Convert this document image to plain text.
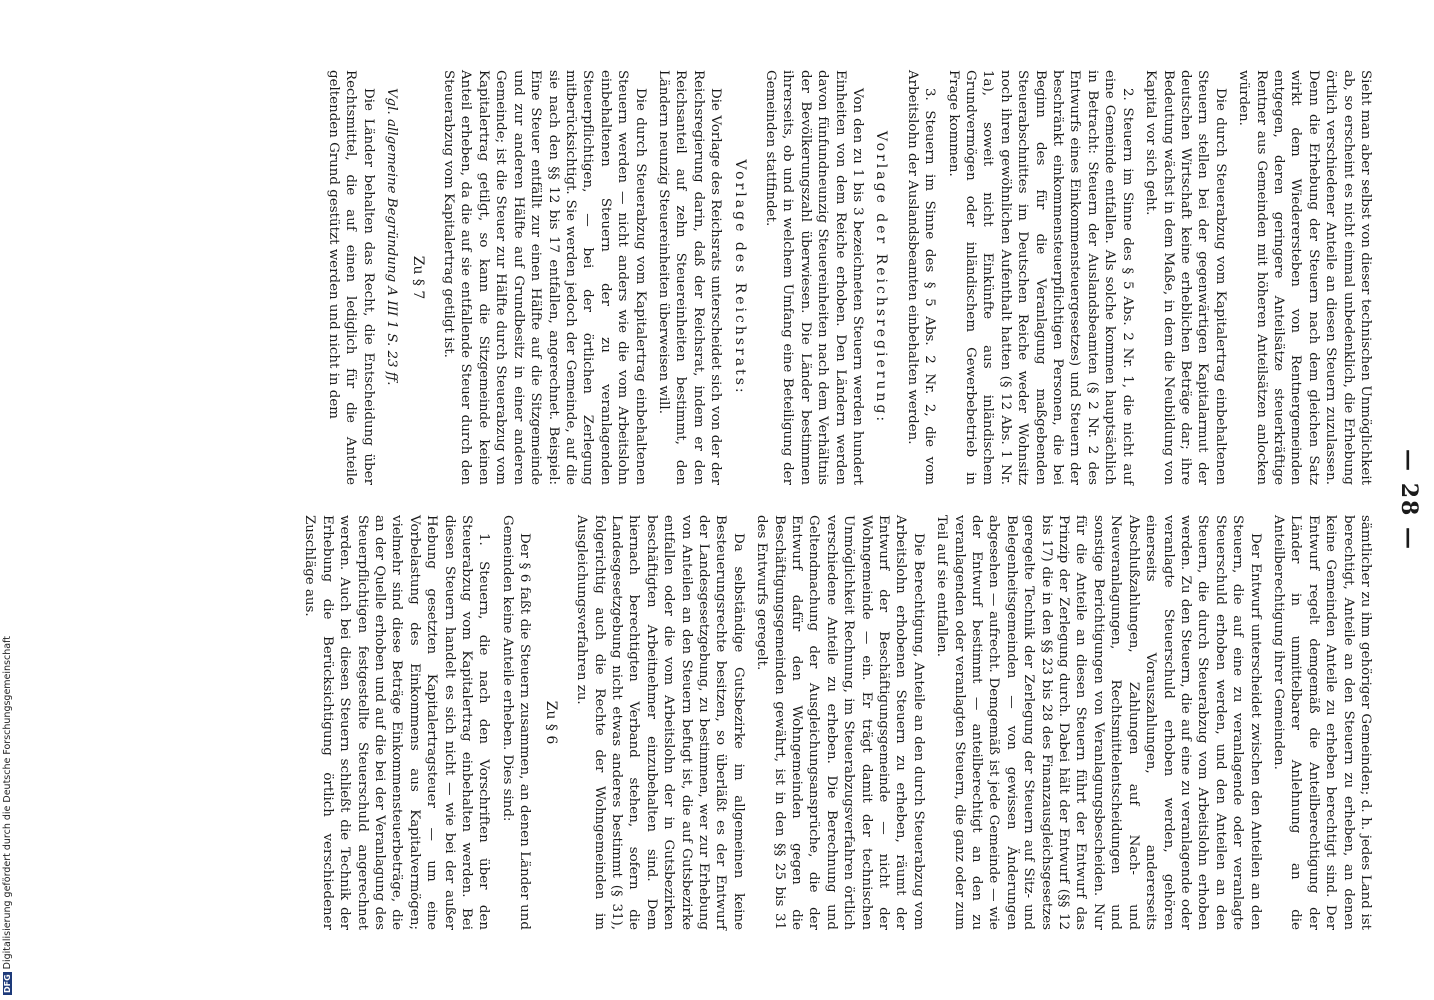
— 28 —

Sieht man aber selbst von dieser technischen Unmöglichkeit ab, so erscheint es nicht einmal unbedenklich, die Erhebung örtlich verschiedener Anteile an diesen Steuern zuzulassen. Denn die Erhebung der Steuern nach dem gleichen Satz wirkt dem Wiederersteben von Rentnergemeinden entgegen, deren geringere Anteilsätze steuerkräftige Rentner aus Gemeinden mit höheren Anteilsätzen anlocken würden.

Die durch Steuerabzug vom Kapitalertrag einbehaltenen Steuern stellen bei der gegenwärtigen Kapitalarmut der deutschen Wirtschaft keine erheblichen Beträge dar; ihre Bedeutung wächst in dem Maße, in dem die Neubildung von Kapital vor sich geht.

2. Steuern im Sinne des § 5 Abs. 2 Nr. 1, die nicht auf eine Gemeinde entfallen. Als solche kommen hauptsächlich in Betracht: Steuern der Auslandsbeamten (§ 2 Nr. 2 des Entwurfs eines Einkommensteuergesetzes) und Steuern der beschränkt einkommensteuerpflichtigen Personen, die bei Beginn des für die Veranlagung maßgebenden Steuerabschnittes im Deutschen Reiche weder Wohnsitz noch ihren gewöhnlichen Aufenthalt hatten (§ 12 Abs. 1 Nr. 1a), soweit nicht Einkünfte aus inländischem Grundvermögen oder inländischem Gewerbebetrieb in Frage kommen.

3. Steuern im Sinne des § 5 Abs. 2 Nr. 2, die vom Arbeitslohn der Auslandsbeamten einbehalten werden.

Vorlage der Reichsregierung:

Von den zu 1 bis 3 bezeichneten Steuern werden hundert Einheiten von dem Reiche erhoben. Den Ländern werden davon fünfundneunzig Steuereinheiten nach dem Verhältnis der Bevölkerungszahl überwiesen. Die Länder bestimmen ihrerseits, ob und in welchem Umfang eine Beteiligung der Gemeinden stattfindet.

Vorlage des Reichsrats:

Die Vorlage des Reichsrats unterscheidet sich von der der Reichsregierung darin, daß der Reichsrat, indem er den Reichsanteil auf zehn Steuereinheiten bestimmt, den Ländern neunzig Steuereinheiten überweisen will.

Die durch Steuerabzug vom Kapitalertrag einbehaltenen Steuern werden — nicht anders wie die vom Arbeitslohn einbehaltenen Steuern der zu veranlagenden Steuerpflichtigen, — bei der örtlichen Zerlegung mitberücksichtigt. Sie werden jedoch der Gemeinde, auf die sie nach den §§ 12 bis 17 entfallen, angerechnet. Beispiel: Eine Steuer entfällt zur einen Hälfte auf die Sitzgemeinde und zur anderen Hälfte auf Grundbesitz in einer anderen Gemeinde; ist die Steuer zur Hälfte durch Steuerabzug vom Kapitalertrag getilgt, so kann die Sitzgemeinde keinen Anteil erheben, da die auf sie entfallende Steuer durch den Steuerabzug vom Kapitalertrag getilgt ist.

Zu § 7

Vgl. allgemeine Begründung A III 1 S. 23 ff.

Die Länder behalten das Recht, die Entscheidung über Rechtsmittel, die auf einen lediglich für die Anteile geltenden Grund gestützt werden und nicht in dem

sämtlicher zu ihm gehöriger Gemeinden; d. h. jedes Land ist berechtigt, Anteile an den Steuern zu erheben, an denen keine Gemeinden Anteile zu erheben berechtigt sind. Der Entwurf regelt demgemäß die Anteilberechtigung der Länder in unmittelbarer Anlehnung an die Anteilberechtigung ihrer Gemeinden.

Der Entwurf unterscheidet zwischen den Anteilen an den Steuern, die auf eine zu veranlagende oder veranlagte Steuerschuld erhoben werden, und den Anteilen an den Steuern, die durch Steuerabzug vom Arbeitslohn erhoben werden. Zu den Steuern, die auf eine zu veranlagende oder veranlagte Steuerschuld erhoben werden, gehören einerseits Vorauszahlungen, andererseits Abschlußzahlungen, Zahlungen auf Nach- und Neuveranlagungen, Rechtsmittelentscheidungen und sonstige Berichtigungen von Veranlagungsbescheiden. Nur für die Anteile an diesen Steuern führt der Entwurf das Prinzip der Zerlegung durch. Dabei hält der Entwurf (§§ 12 bis 17) die in den §§ 23 bis 28 des Finanzausgleichsgesetzes geregelte Technik der Zerlegung der Steuern auf Sitz- und Belegenheitsgemeinden — von gewissen Änderungen abgesehen — aufrecht. Demgemäß ist jede Gemeinde — wie der Entwurf bestimmt — anteilberechtigt an den zu veranlagenden oder veranlagten Steuern, die ganz oder zum Teil auf sie entfallen.

Die Berechtigung, Anteile an den durch Steuerabzug vom Arbeitslohn erhobenen Steuern zu erheben, räumt der Entwurf der Beschäftigungsgemeinde — nicht der Wohngemeinde — ein. Er trägt damit der technischen Unmöglichkeit Rechnung, im Steuerabzugsverfahren örtlich verschiedene Anteile zu erheben. Die Berechnung und Geltendmachung der Ausgleichungsansprüche, die der Entwurf dafür den Wohngemeinden gegen die Beschäftigungsgemeinden gewährt, ist in den §§ 25 bis 31 des Entwurfs geregelt.

Da selbständige Gutsbezirke im allgemeinen keine Besteuerungsrechte besitzen, so überläßt es der Entwurf der Landesgesetzgebung, zu bestimmen, wer zur Erhebung von Anteilen an den Steuern befugt ist, die auf Gutsbezirke entfallen oder die vom Arbeitslohn der in Gutsbezirken beschäftigten Arbeitnehmer einzubehalten sind. Dem hiernach berechtigten Verband stehen, sofern die Landesgesetzgebung nicht etwas anderes bestimmt (§ 31), folgerichtig auch die Rechte der Wohngemeinden im Ausgleichungsverfahren zu.

Zu § 6

Der § 6 faßt die Steuern zusammen, an denen Länder und Gemeinden keine Anteile erheben. Dies sind:

1. Steuern, die nach den Vorschriften über den Steuerabzug vom Kapitalertrag einbehalten werden. Bei diesen Steuern handelt es sich nicht — wie bei der außer Hebung gesetzten Kapitalertragsteuer — um eine Vorbelastung des Einkommens aus Kapitalvermögen; vielmehr sind diese Beträge Einkommensteuerbeträge, die an der Quelle erhoben und auf die bei der Veranlagung des Steuerpflichtigen festgestellte Steuerschuld angerechnet werden. Auch bei diesen Steuern schließt die Technik der Erhebung die Berücksichtigung örtlich verschiedener Zuschläge aus.

DFGDigitalisierung gefördert durch die Deutsche Forschungsgemeinschaft
